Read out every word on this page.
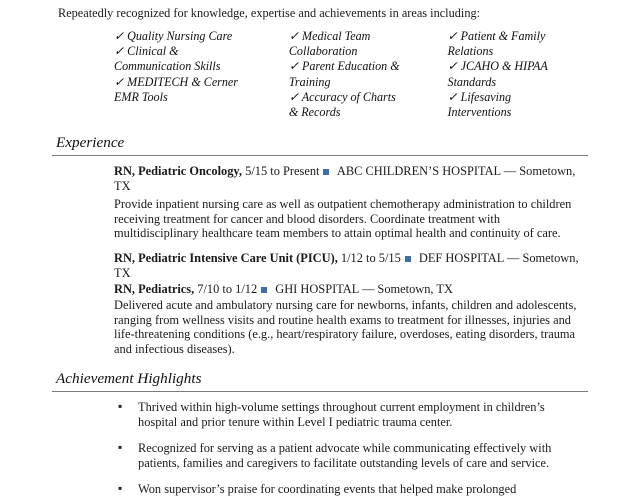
Repeatedly recognized for knowledge, expertise and achievements in areas including:
✓ Quality Nursing Care
✓ Clinical &
Communication Skills
✓ MEDITECH & Cerner
EMR Tools
✓ Medical Team
Collaboration
✓ Parent Education &
Training
✓ Accuracy of Charts
& Records
✓ Patient & Family
Relations
✓ JCAHO & HIPAA
Standards
✓ Lifesaving
Interventions
Experience
RN, Pediatric Oncology, 5/15 to Present ABC CHILDREN’S HOSPITAL — Sometown, TX
Provide inpatient nursing care as well as outpatient chemotherapy administration to children receiving treatment for cancer and blood disorders. Coordinate treatment with multidisciplinary healthcare team members to attain optimal health and continuity of care.
RN, Pediatric Intensive Care Unit (PICU), 1/12 to 5/15 DEF HOSPITAL — Sometown, TX
RN, Pediatrics, 7/10 to 1/12 GHI HOSPITAL — Sometown, TX
Delivered acute and ambulatory nursing care for newborns, infants, children and adolescents, ranging from wellness visits and routine health exams to treatment for illnesses, injuries and life-threatening conditions (e.g., heart/respiratory failure, overdoses, eating disorders, trauma and infectious diseases).
Achievement Highlights
▪ Thrived within high-volume settings throughout current employment in children’s hospital and prior tenure within Level I pediatric trauma center.
▪ Recognized for serving as a patient advocate while communicating effectively with patients, families and caregivers to facilitate outstanding levels of care and service.
▪ Won supervisor’s praise for coordinating events that helped make prolonged
